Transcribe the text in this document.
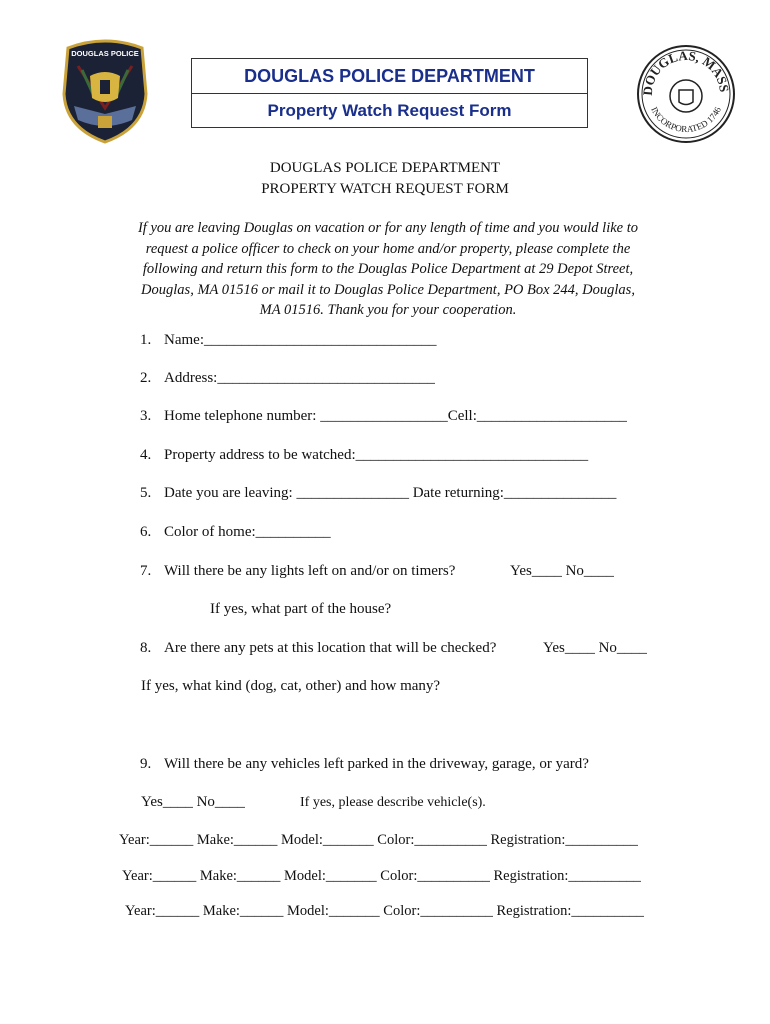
DOUGLAS POLICE
DOUGLAS POLICE DEPARTMENT
Property Watch Request Form
DOUGLAS, MASS
INCORPORATED 1746
DOUGLAS POLICE DEPARTMENT
PROPERTY WATCH REQUEST FORM
If you are leaving Douglas on vacation or for any length of time and you would like to
request a police officer to check on your home and/or property, please complete the
following and return this form to the Douglas Police Department at 29 Depot Street,
Douglas, MA 01516 or mail it to Douglas Police Department, PO Box 244, Douglas,
MA 01516. Thank you for your cooperation.
1. Name:_______________________________
2. Address:_____________________________
3. Home telephone number: _________________Cell:____________________
4. Property address to be watched:_______________________________
5. Date you are leaving: _______________ Date returning:_______________
6. Color of home:__________
7. Will there be any lights left on and/or on timers?	Yes____ No____
If yes, what part of the house?
8. Are there any pets at this location that will be checked?	Yes____ No____
If yes, what kind (dog, cat, other) and how many?
9. Will there be any vehicles left parked in the driveway, garage, or yard?
Yes____ No____	If yes, please describe vehicle(s).
Year:______ Make:______ Model:_______ Color:__________ Registration:__________
Year:______ Make:______ Model:_______ Color:__________ Registration:__________
Year:______ Make:______ Model:_______ Color:__________ Registration:__________
